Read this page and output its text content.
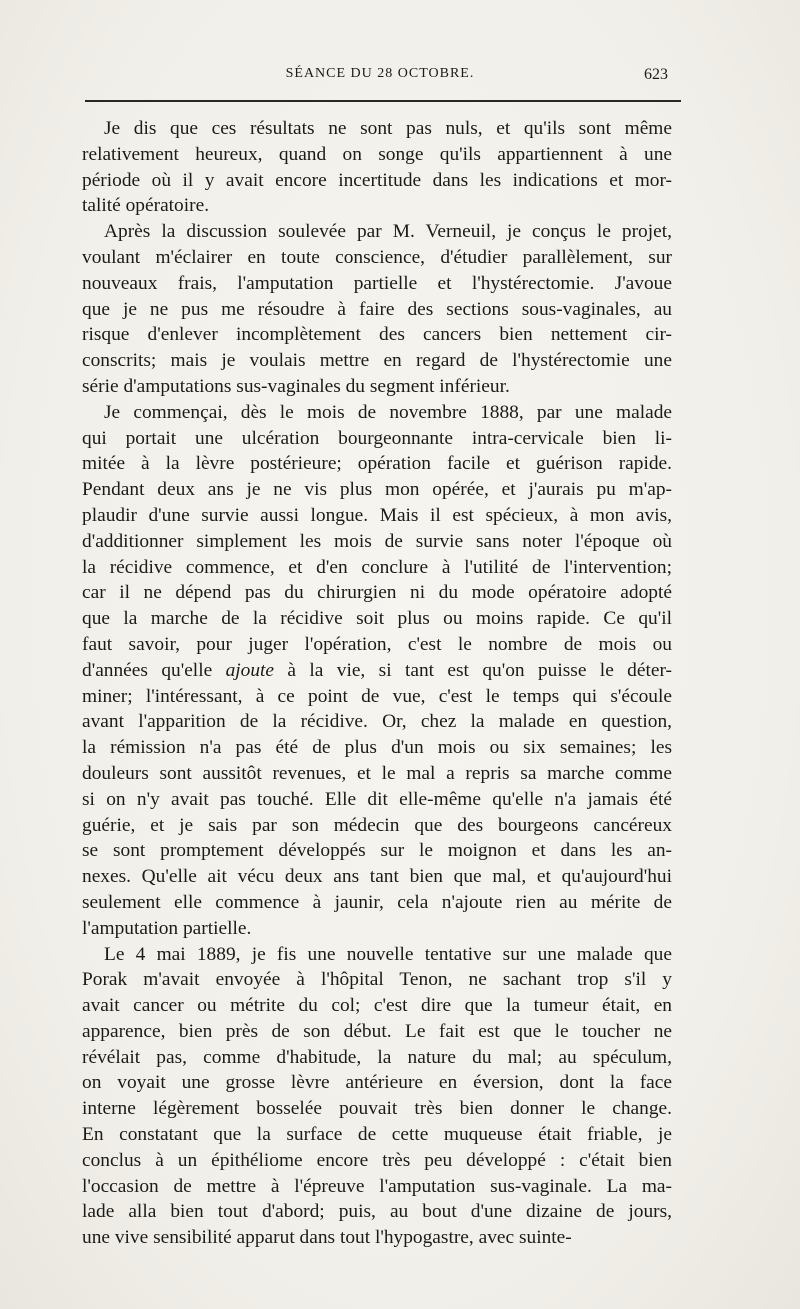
SÉANCE DU 28 OCTOBRE.	623
Je dis que ces résultats ne sont pas nuls, et qu'ils sont même
relativement heureux, quand on songe qu'ils appartiennent à une
période où il y avait encore incertitude dans les indications et mor-
talité opératoire.
Après la discussion soulevée par M. Verneuil, je conçus le projet,
voulant m'éclairer en toute conscience, d'étudier parallèlement, sur
nouveaux frais, l'amputation partielle et l'hystérectomie. J'avoue
que je ne pus me résoudre à faire des sections sous-vaginales, au
risque d'enlever incomplètement des cancers bien nettement cir-
conscrits; mais je voulais mettre en regard de l'hystérectomie une
série d'amputations sus-vaginales du segment inférieur.
Je commençai, dès le mois de novembre 1888, par une malade
qui portait une ulcération bourgeonnante intra-cervicale bien li-
mitée à la lèvre postérieure; opération facile et guérison rapide.
Pendant deux ans je ne vis plus mon opérée, et j'aurais pu m'ap-
plaudir d'une survie aussi longue. Mais il est spécieux, à mon avis,
d'additionner simplement les mois de survie sans noter l'époque où
la récidive commence, et d'en conclure à l'utilité de l'intervention;
car il ne dépend pas du chirurgien ni du mode opératoire adopté
que la marche de la récidive soit plus ou moins rapide. Ce qu'il
faut savoir, pour juger l'opération, c'est le nombre de mois ou
d'années qu'elle ajoute à la vie, si tant est qu'on puisse le déter-
miner; l'intéressant, à ce point de vue, c'est le temps qui s'écoule
avant l'apparition de la récidive. Or, chez la malade en question,
la rémission n'a pas été de plus d'un mois ou six semaines; les
douleurs sont aussitôt revenues, et le mal a repris sa marche comme
si on n'y avait pas touché. Elle dit elle-même qu'elle n'a jamais été
guérie, et je sais par son médecin que des bourgeons cancéreux
se sont promptement développés sur le moignon et dans les an-
nexes. Qu'elle ait vécu deux ans tant bien que mal, et qu'aujourd'hui
seulement elle commence à jaunir, cela n'ajoute rien au mérite de
l'amputation partielle.
Le 4 mai 1889, je fis une nouvelle tentative sur une malade que
Porak m'avait envoyée à l'hôpital Tenon, ne sachant trop s'il y
avait cancer ou métrite du col; c'est dire que la tumeur était, en
apparence, bien près de son début. Le fait est que le toucher ne
révélait pas, comme d'habitude, la nature du mal; au spéculum,
on voyait une grosse lèvre antérieure en éversion, dont la face
interne légèrement bosselée pouvait très bien donner le change.
En constatant que la surface de cette muqueuse était friable, je
conclus à un épithéliome encore très peu développé : c'était bien
l'occasion de mettre à l'épreuve l'amputation sus-vaginale. La ma-
lade alla bien tout d'abord; puis, au bout d'une dizaine de jours,
une vive sensibilité apparut dans tout l'hypogastre, avec suinte-
